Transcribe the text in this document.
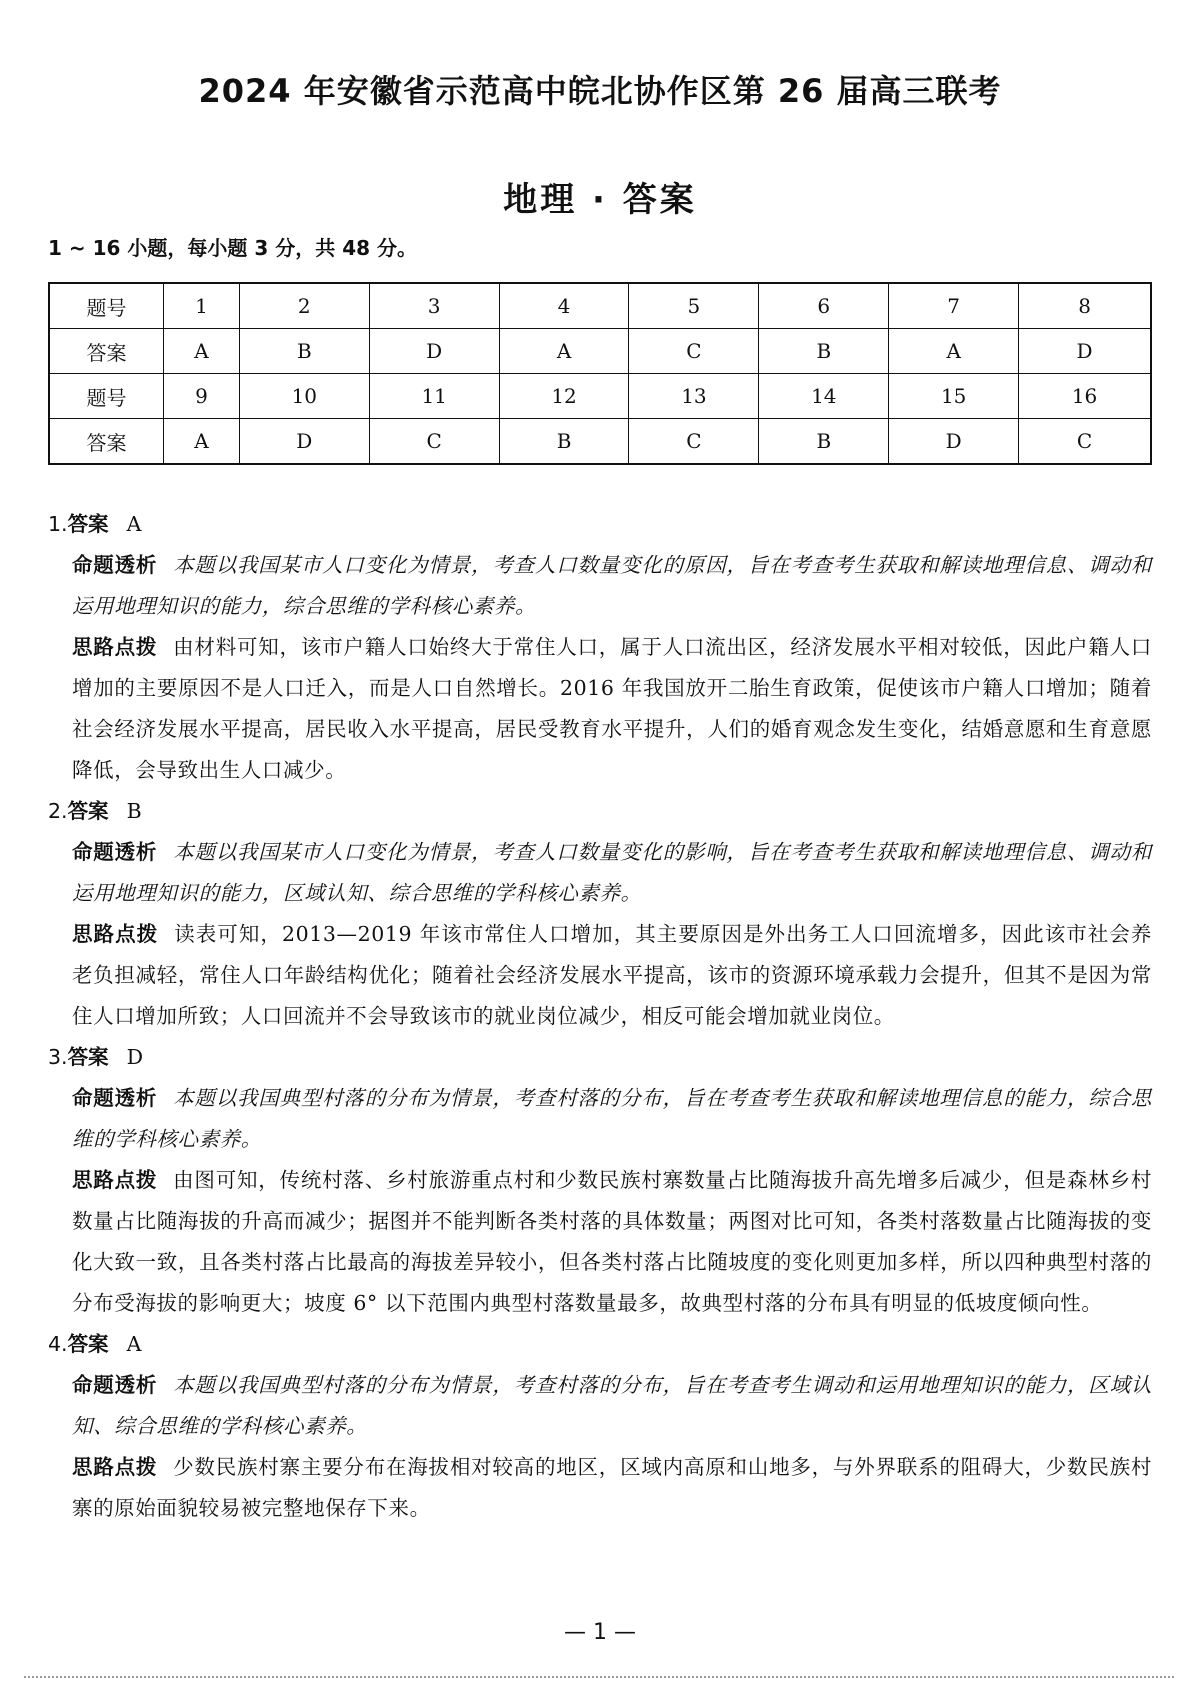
2024 年安徽省示范高中皖北协作区第 26 届高三联考
地理 · 答案
1 ~ 16 小题，每小题 3 分，共 48 分。
题号	1	2	3	4	5	6	7	8
答案	A	B	D	A	C	B	A	D
题号	9	10	11	12	13	14	15	16
答案	A	D	C	B	C	B	D	C

1.答案 A

命题透析 本题以我国某市人口变化为情景，考查人口数量变化的原因，旨在考查考生获取和解读地理信息、调动和运用地理知识的能力，综合思维的学科核心素养。

思路点拨 由材料可知，该市户籍人口始终大于常住人口，属于人口流出区，经济发展水平相对较低，因此户籍人口增加的主要原因不是人口迁入，而是人口自然增长。2016 年我国放开二胎生育政策，促使该市户籍人口增加；随着社会经济发展水平提高，居民收入水平提高，居民受教育水平提升，人们的婚育观念发生变化，结婚意愿和生育意愿降低，会导致出生人口减少。

2.答案 B

命题透析 本题以我国某市人口变化为情景，考查人口数量变化的影响，旨在考查考生获取和解读地理信息、调动和运用地理知识的能力，区域认知、综合思维的学科核心素养。

思路点拨 读表可知，2013—2019 年该市常住人口增加，其主要原因是外出务工人口回流增多，因此该市社会养老负担减轻，常住人口年龄结构优化；随着社会经济发展水平提高，该市的资源环境承载力会提升，但其不是因为常住人口增加所致；人口回流并不会导致该市的就业岗位减少，相反可能会增加就业岗位。

3.答案 D

命题透析 本题以我国典型村落的分布为情景，考查村落的分布，旨在考查考生获取和解读地理信息的能力，综合思维的学科核心素养。

思路点拨 由图可知，传统村落、乡村旅游重点村和少数民族村寨数量占比随海拔升高先增多后减少，但是森林乡村数量占比随海拔的升高而减少；据图并不能判断各类村落的具体数量；两图对比可知，各类村落数量占比随海拔的变化大致一致，且各类村落占比最高的海拔差异较小，但各类村落占比随坡度的变化则更加多样，所以四种典型村落的分布受海拔的影响更大；坡度 6° 以下范围内典型村落数量最多，故典型村落的分布具有明显的低坡度倾向性。

4.答案 A

命题透析 本题以我国典型村落的分布为情景，考查村落的分布，旨在考查考生调动和运用地理知识的能力，区域认知、综合思维的学科核心素养。

思路点拨 少数民族村寨主要分布在海拔相对较高的地区，区域内高原和山地多，与外界联系的阻碍大，少数民族村寨的原始面貌较易被完整地保存下来。

— 1 —
